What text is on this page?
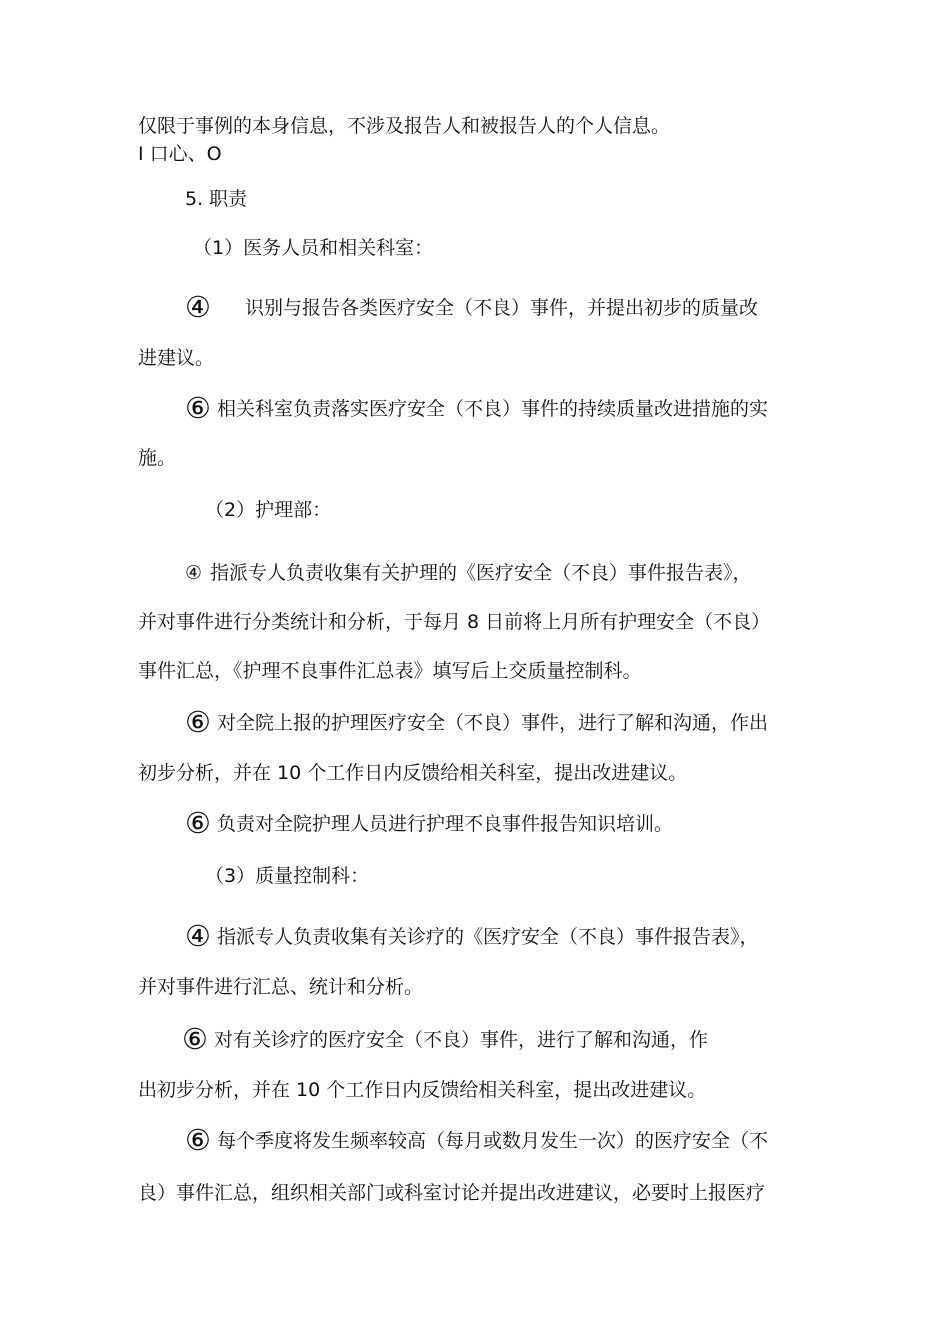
仅限于事例的本身信息，不涉及报告人和被报告人的个人信息。
I 口心、O
5. 职责
（1）医务人员和相关科室：
④ 识别与报告各类医疗安全（不良）事件，并提出初步的质量改
进建议。
⑥ 相关科室负责落实医疗安全（不良）事件的持续质量改进措施的实
施。
（2）护理部：
④ 指派专人负责收集有关护理的《医疗安全（不良）事件报告表》，
并对事件进行分类统计和分析，于每月 8 日前将上月所有护理安全（不良）
事件汇总，《护理不良事件汇总表》填写后上交质量控制科。
⑥ 对全院上报的护理医疗安全（不良）事件，进行了解和沟通，作出
初步分析，并在 10 个工作日内反馈给相关科室，提出改进建议。
⑥ 负责对全院护理人员进行护理不良事件报告知识培训。
（3）质量控制科：
④ 指派专人负责收集有关诊疗的《医疗安全（不良）事件报告表》，
并对事件进行汇总、统计和分析。
⑥ 对有关诊疗的医疗安全（不良）事件，进行了解和沟通，作
出初步分析，并在 10 个工作日内反馈给相关科室，提出改进建议。
⑥ 每个季度将发生频率较高（每月或数月发生一次）的医疗安全（不
良）事件汇总，组织相关部门或科室讨论并提出改进建议，必要时上报医疗
